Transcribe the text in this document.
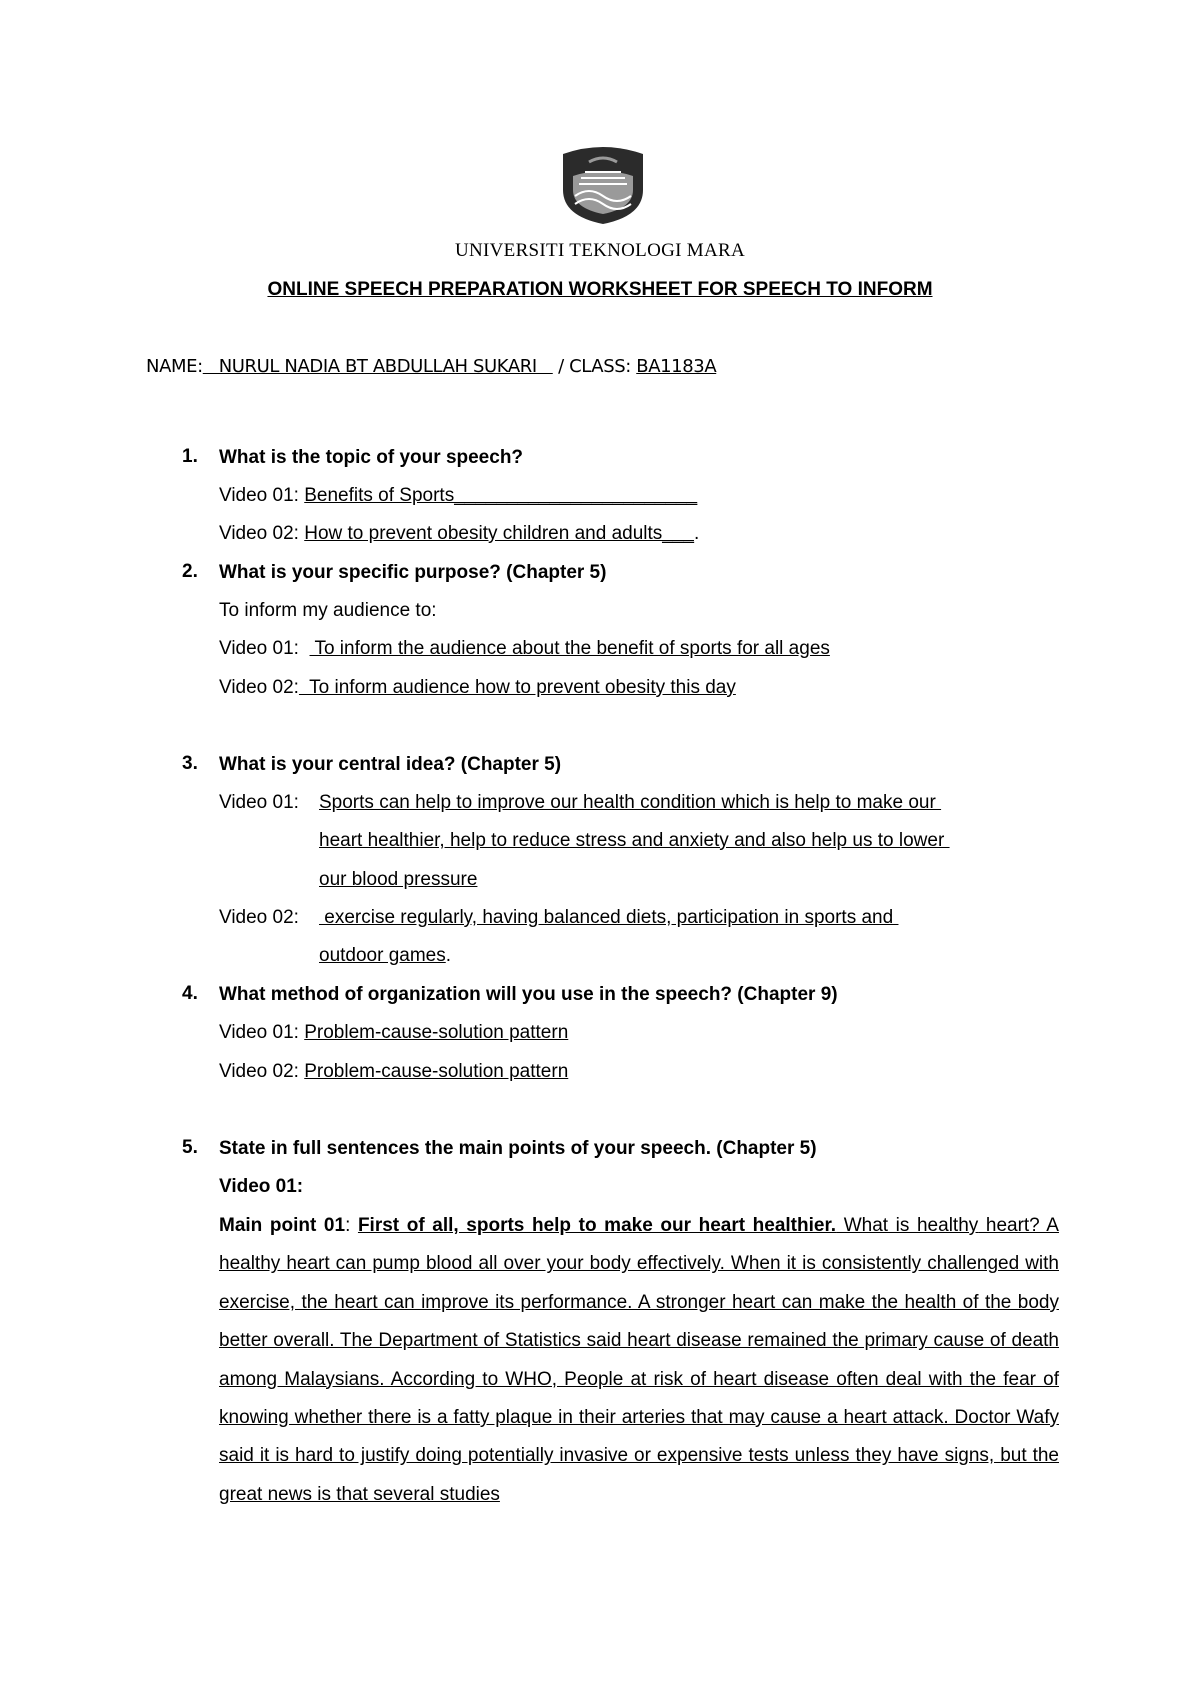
UNIVERSITI TEKNOLOGI MARA
ONLINE SPEECH PREPARATION WORKSHEET FOR SPEECH TO INFORM
NAME:   NURUL NADIA BT ABDULLAH SUKARI    / CLASS: BA1183A
1. What is the topic of your speech?
Video 01: Benefits of Sports_______________________
Video 02: How to prevent obesity children and adults___.
2. What is your specific purpose? (Chapter 5)
To inform my audience to:
Video 01:   To inform the audience about the benefit of sports for all ages
Video 02:  To inform audience how to prevent obesity this day
3. What is your central idea? (Chapter 5)
Video 01: Sports can help to improve our health condition which is help to make our
heart healthier, help to reduce stress and anxiety and also help us to lower
our blood pressure
Video 02: exercise regularly, having balanced diets, participation in sports and
outdoor games.
4. What method of organization will you use in the speech? (Chapter 9)
Video 01: Problem-cause-solution pattern
Video 02: Problem-cause-solution pattern
5. State in full sentences the main points of your speech. (Chapter 5)
Video 01:
Main point 01: First of all, sports help to make our heart healthier. What is healthy heart? A healthy heart can pump blood all over your body effectively. When it is consistently challenged with exercise, the heart can improve its performance. A stronger heart can make the health of the body better overall. The Department of Statistics said heart disease remained the primary cause of death among Malaysians. According to WHO, People at risk of heart disease often deal with the fear of knowing whether there is a fatty plaque in their arteries that may cause a heart attack. Doctor Wafy said it is hard to justify doing potentially invasive or expensive tests unless they have signs, but the great news is that several studies
